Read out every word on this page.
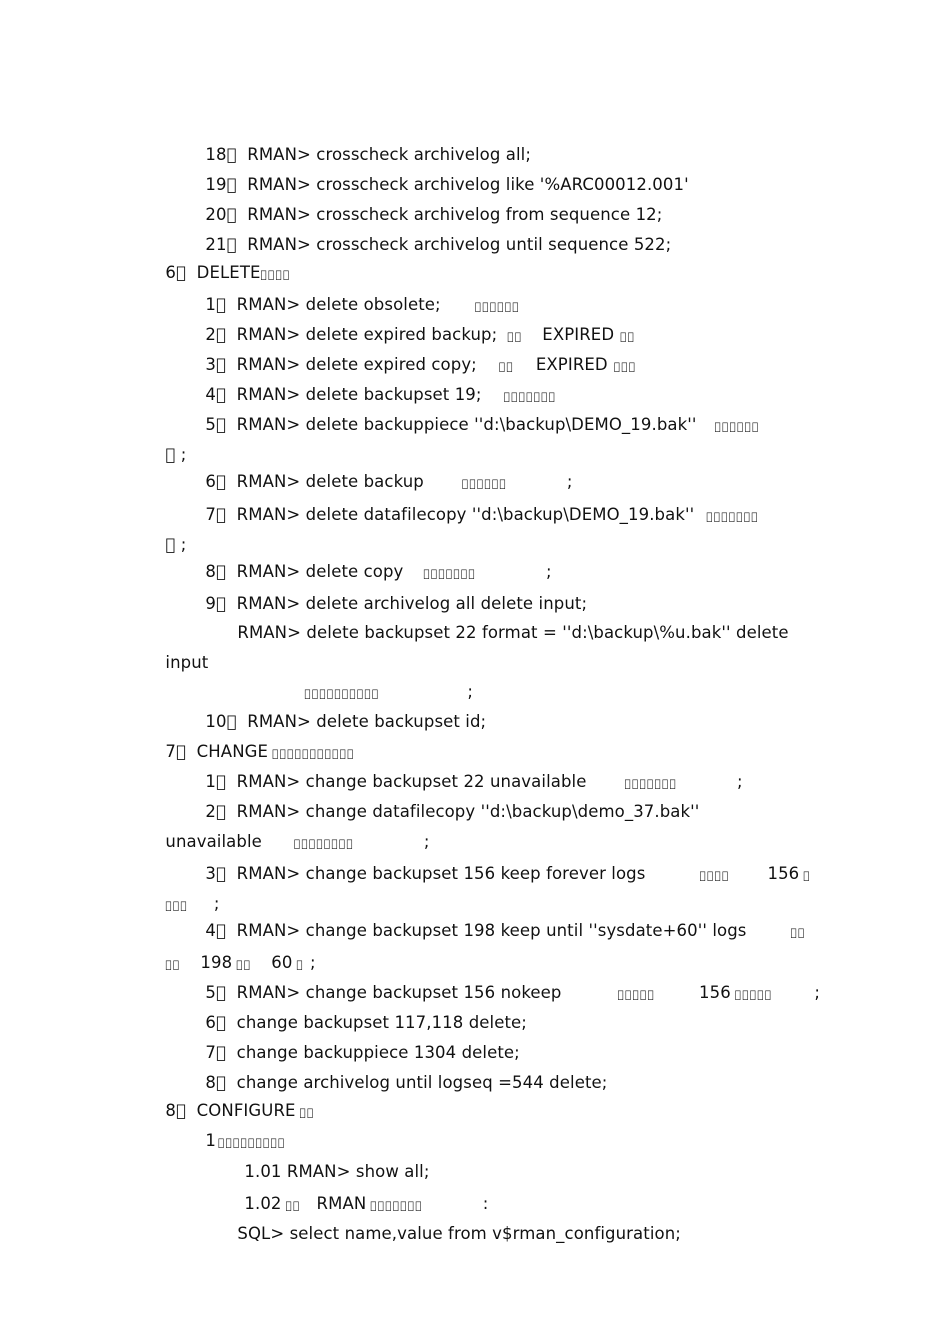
18   RMAN> crosscheck archivelog all;

19   RMAN> crosscheck archivelog like '%ARC00012.001'

20   RMAN> crosscheck archivelog from sequence 12;

21   RMAN> crosscheck archivelog until sequence 522;

6   DELETE    

1   RMAN> delete obsolete;	      

2   RMAN> delete expired backup;    EXPIRED   

3   RMAN> delete expired copy;    EXPIRED    

4   RMAN> delete backupset 19;        

5   RMAN> delete backuppiece ''d:\backup\DEMO_19.bak''       

  ;

6   RMAN> delete backup	      	;

7   RMAN> delete datafilecopy ''d:\backup\DEMO_19.bak''        

  ;

8   RMAN> delete copy        	;

9   RMAN> delete archivelog all delete input;

RMAN> delete backupset 22 format = ''d:\backup\%u.bak'' delete

input

          	;

10   RMAN> delete backupset id;

7   CHANGE            

1   RMAN> change backupset 22 unavailable	       	;

2   RMAN> change datafilecopy ''d:\backup\demo_37.bak''

unavailable	        	;

3   RMAN> change backupset 156 keep forever logs	     156  

    ;

4   RMAN> change backupset 198 keep until ''sysdate+60'' logs	  

   198    60   ;

5   RMAN> change backupset 156 nokeep	     	156      	;

6   change backupset 117,118 delete;

7   change backuppiece 1304 delete;

8   change archivelog until logseq =544 delete;

8   CONFIGURE   

1          

1.01 RMAN> show all;

1.02    RMAN        	:

SQL> select name,value from v$rman_configuration;
